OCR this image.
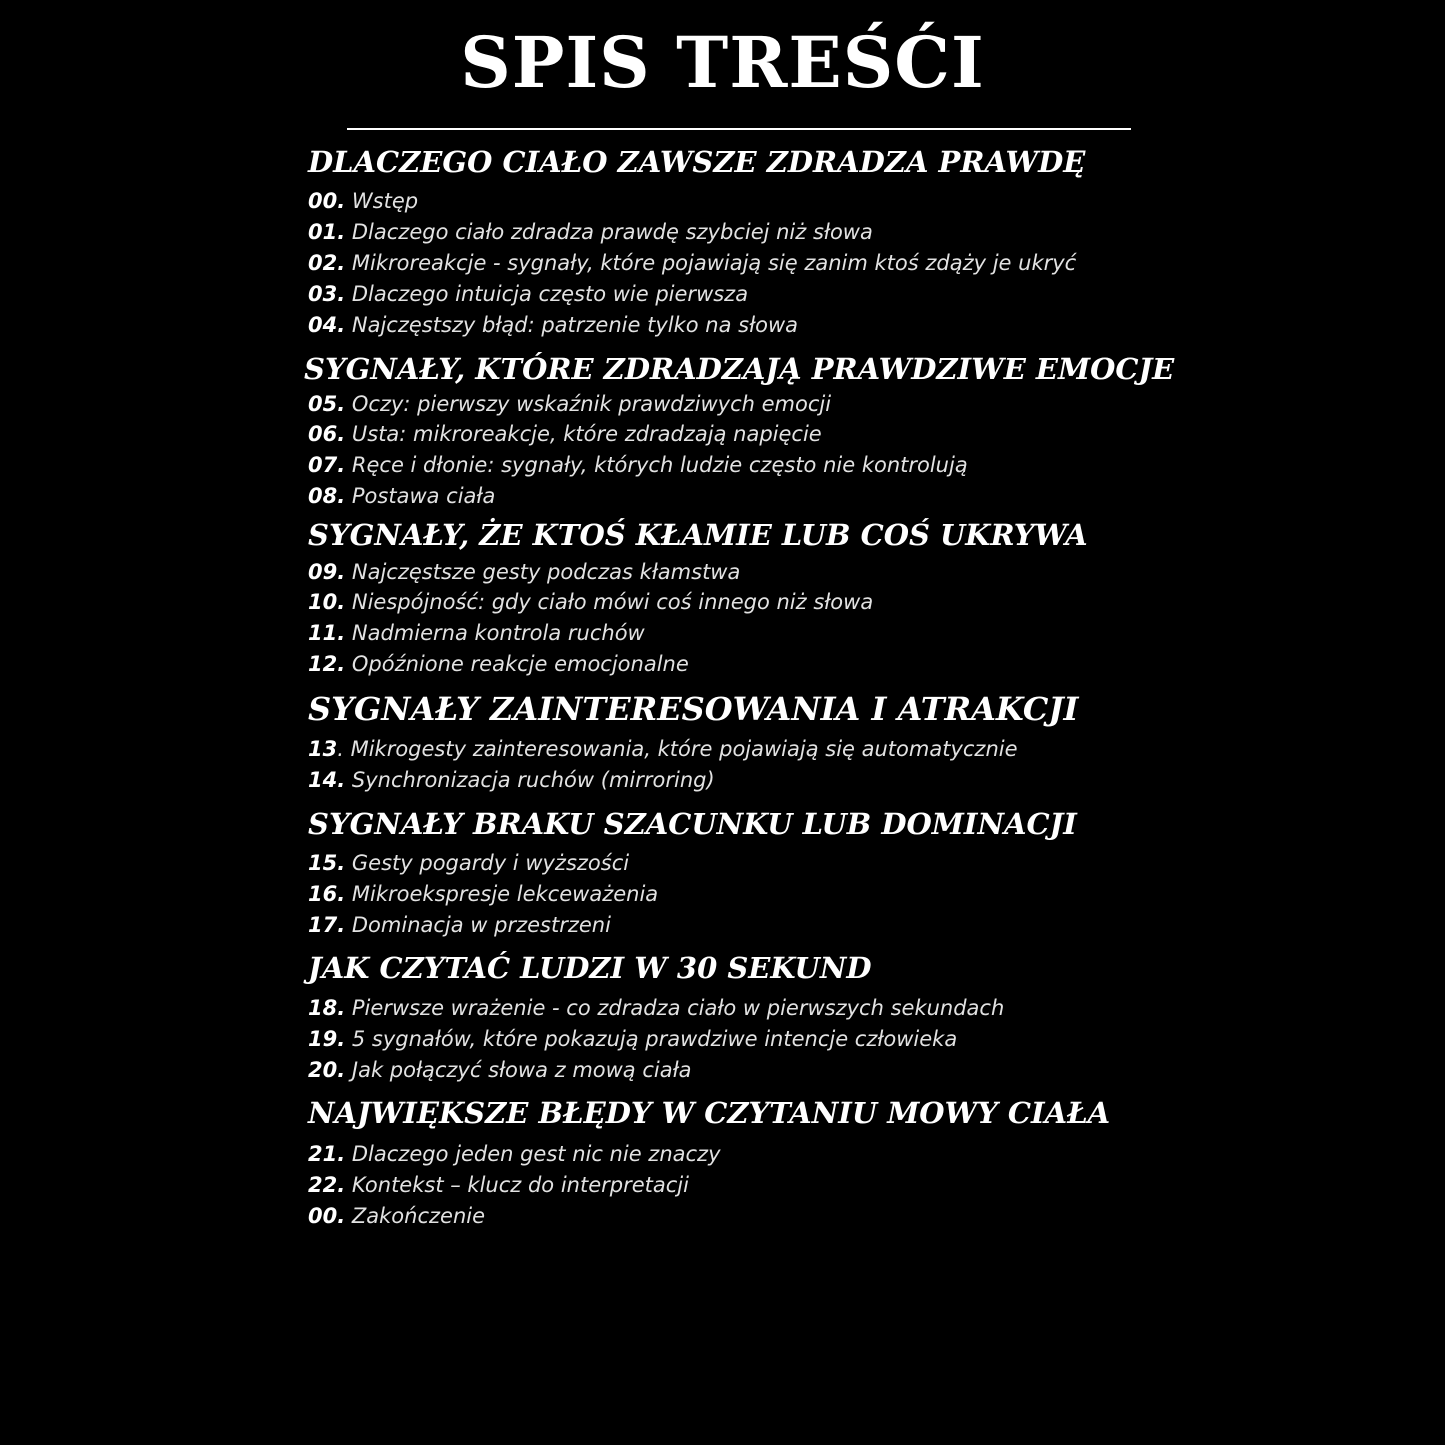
SPIS TREŚĆI
DLACZEGO CIAŁO ZAWSZE ZDRADZA PRAWDĘ
00. Wstęp
01. Dlaczego ciało zdradza prawdę szybciej niż słowa
02. Mikroreakcje - sygnały, które pojawiają się zanim ktoś zdąży je ukryć
03. Dlaczego intuicja często wie pierwsza
04. Najczęstszy błąd: patrzenie tylko na słowa
SYGNAŁY, KTÓRE ZDRADZAJĄ PRAWDZIWE EMOCJE
05. Oczy: pierwszy wskaźnik prawdziwych emocji
06. Usta: mikroreakcje, które zdradzają napięcie
07. Ręce i dłonie: sygnały, których ludzie często nie kontrolują
08. Postawa ciała
SYGNAŁY, ŻE KTOŚ KŁAMIE LUB COŚ UKRYWA
09. Najczęstsze gesty podczas kłamstwa
10. Niespójność: gdy ciało mówi coś innego niż słowa
11. Nadmierna kontrola ruchów
12. Opóźnione reakcje emocjonalne
SYGNAŁY ZAINTERESOWANIA I ATRAKCJI
13. Mikrogesty zainteresowania, które pojawiają się automatycznie
14. Synchronizacja ruchów (mirroring)
SYGNAŁY BRAKU SZACUNKU LUB DOMINACJI
15. Gesty pogardy i wyższości
16. Mikroekspresje lekceważenia
17. Dominacja w przestrzeni
JAK CZYTAĆ LUDZI W 30 SEKUND
18. Pierwsze wrażenie - co zdradza ciało w pierwszych sekundach
19. 5 sygnałów, które pokazują prawdziwe intencje człowieka
20. Jak połączyć słowa z mową ciała
NAJWIĘKSZE BŁĘDY W CZYTANIU MOWY CIAŁA
21. Dlaczego jeden gest nic nie znaczy
22. Kontekst – klucz do interpretacji
00. Zakończenie
